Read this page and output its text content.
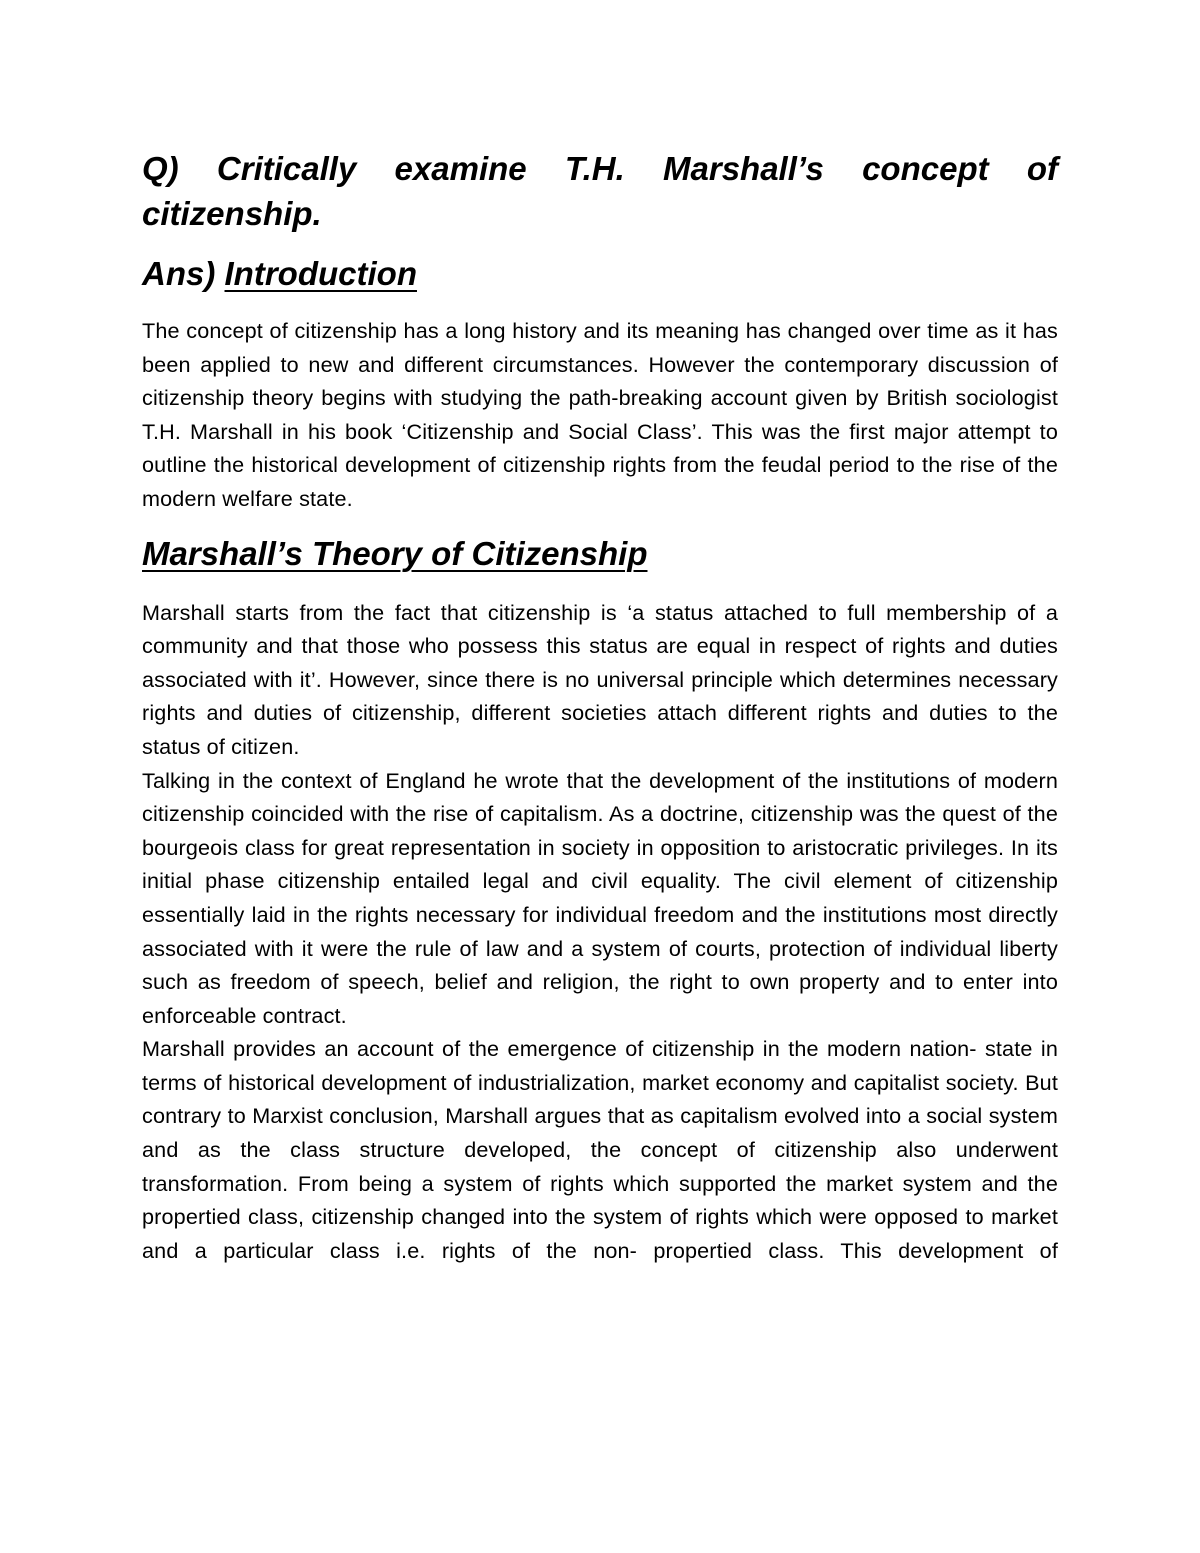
Q) Critically examine T.H. Marshall’s concept of citizenship.

Ans) Introduction

The concept of citizenship has a long history and its meaning has changed over time as it has been applied to new and different circumstances. However the contemporary discussion of citizenship theory begins with studying the path-breaking account given by British sociologist T.H. Marshall in his book ‘Citizenship and Social Class’. This was the first major attempt to outline the historical development of citizenship rights from the feudal period to the rise of the modern welfare state.

Marshall’s Theory of Citizenship

Marshall starts from the fact that citizenship is ‘a status attached to full membership of a community and that those who possess this status are equal in respect of rights and duties associated with it’. However, since there is no universal principle which determines necessary rights and duties of citizenship, different societies attach different rights and duties to the status of citizen.

Talking in the context of England he wrote that the development of the institutions of modern citizenship coincided with the rise of capitalism. As a doctrine, citizenship was the quest of the bourgeois class for great representation in society in opposition to aristocratic privileges. In its initial phase citizenship entailed legal and civil equality. The civil element of citizenship essentially laid in the rights necessary for individual freedom and the institutions most directly associated with it were the rule of law and a system of courts, protection of individual liberty such as freedom of speech, belief and religion, the right to own property and to enter into enforceable contract.

Marshall provides an account of the emergence of citizenship in the modern nation- state in terms of historical development of industrialization, market economy and capitalist society. But contrary to Marxist conclusion, Marshall argues that as capitalism evolved into a social system and as the class structure developed, the concept of citizenship also underwent transformation. From being a system of rights which supported the market system and the propertied class, citizenship changed into the system of rights which were opposed to market and a particular class i.e. rights of the non- propertied class. This development of
